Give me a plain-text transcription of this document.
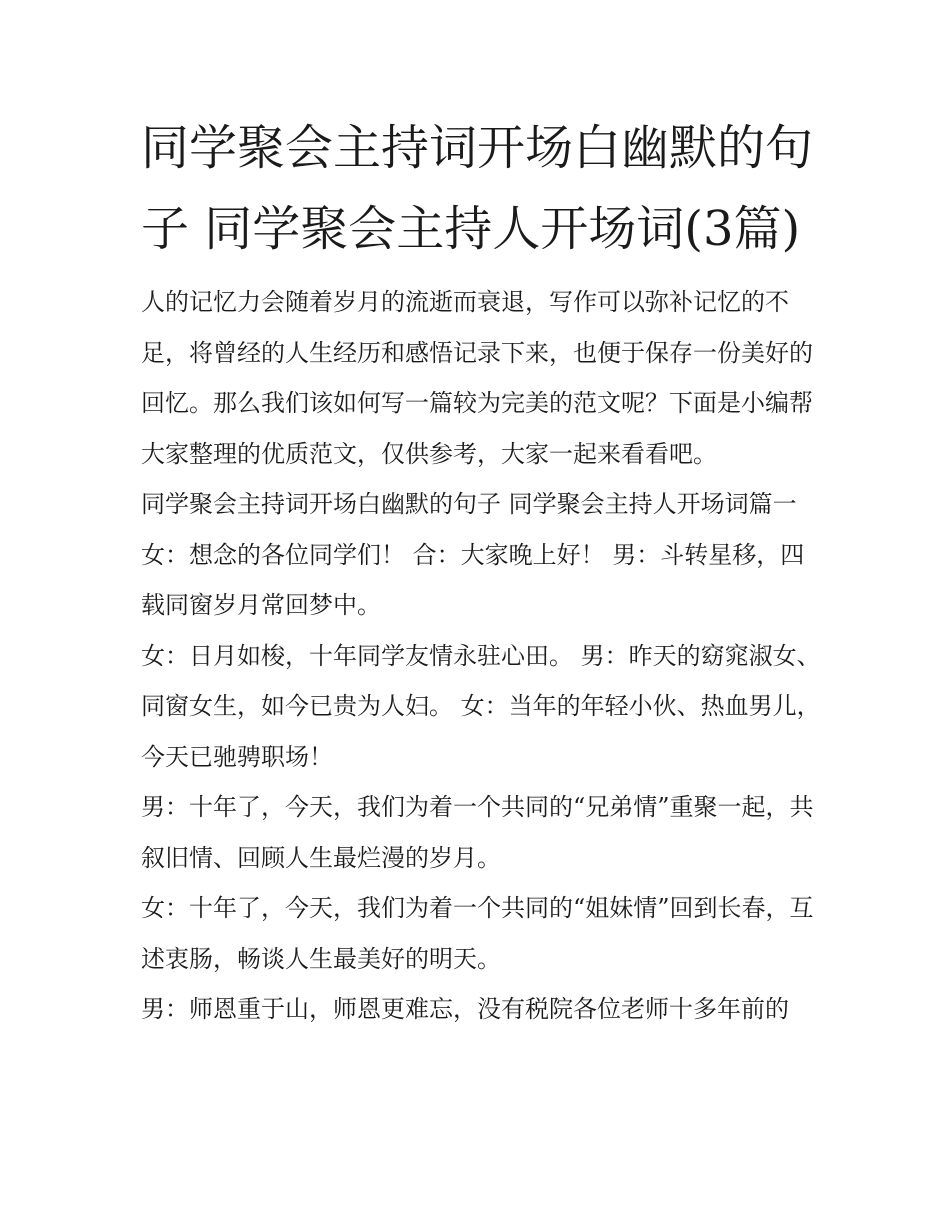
同学聚会主持词开场白幽默的句子 同学聚会主持人开场词(3篇)

人的记忆力会随着岁月的流逝而衰退，写作可以弥补记忆的不足，将曾经的人生经历和感悟记录下来，也便于保存一份美好的回忆。那么我们该如何写一篇较为完美的范文呢？下面是小编帮大家整理的优质范文，仅供参考，大家一起来看看吧。

同学聚会主持词开场白幽默的句子 同学聚会主持人开场词篇一 女：想念的各位同学们！ 合：大家晚上好！ 男：斗转星移，四载同窗岁月常回梦中。

女：日月如梭，十年同学友情永驻心田。 男：昨天的窈窕淑女、同窗女生，如今已贵为人妇。 女：当年的年轻小伙、热血男儿，今天已驰骋职场！

男：十年了，今天，我们为着一个共同的“兄弟情”重聚一起，共叙旧情、回顾人生最烂漫的岁月。

女：十年了，今天，我们为着一个共同的“姐妹情”回到长春，互述衷肠，畅谈人生最美好的明天。

男：师恩重于山，师恩更难忘，没有税院各位老师十多年前的
